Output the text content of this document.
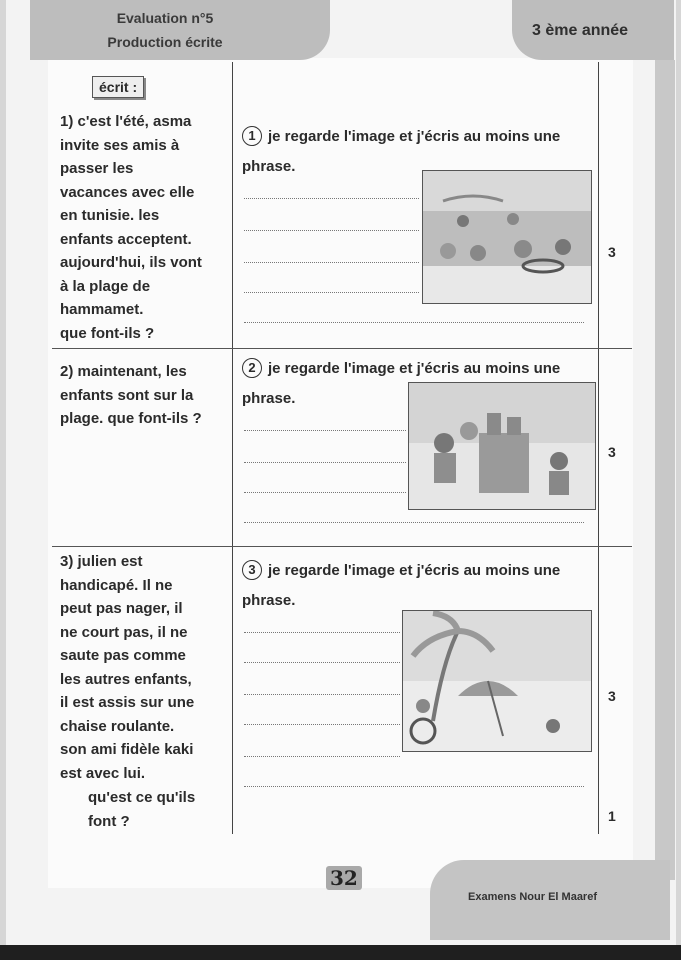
Evaluation n°5
Production écrite
3 ème année
écrit :
1) c'est l'été, asma
invite ses amis à
passer les
vacances avec elle
en tunisie. les
enfants acceptent.
aujourd'hui, ils vont
à la plage de
hammamet.
que font-ils ?
1 je regarde l'image et j'écris au moins une phrase.
3
2) maintenant, les
enfants sont sur la
plage. que font-ils ?
2 je regarde l'image et j'écris au moins une phrase.
3
3) julien est
handicapé. Il ne
peut pas nager, il
ne court pas, il ne
saute pas comme
les autres enfants,
il est assis sur une
chaise roulante.
son ami fidèle kaki
est avec lui.
qu'est ce qu'ils
font ?
3 je regarde l'image et j'écris au moins une phrase.
3
1
32
Examens Nour El Maaref
